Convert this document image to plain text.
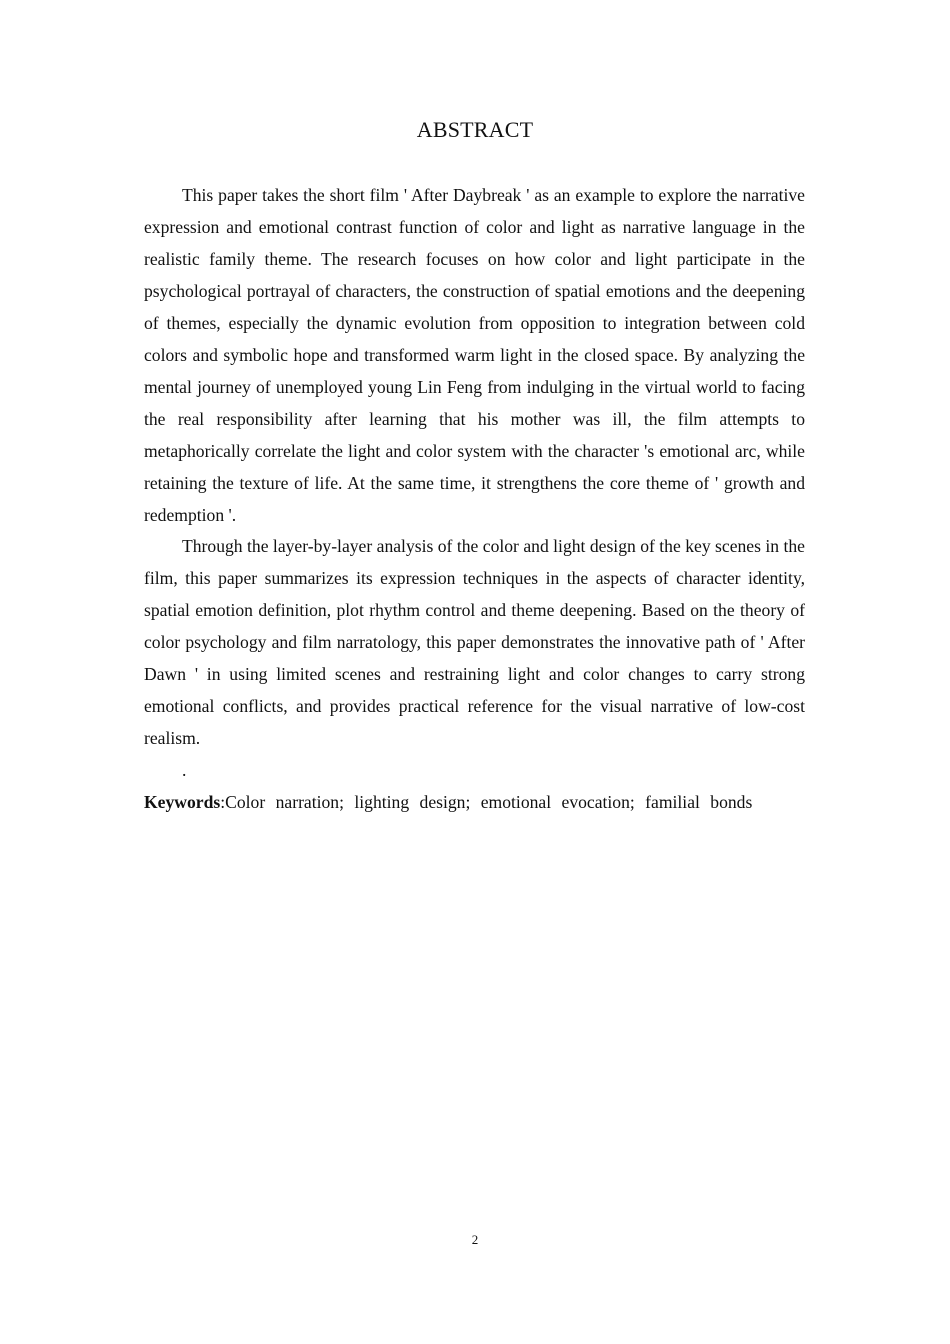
ABSTRACT

This paper takes the short film ' After Daybreak ' as an example to explore the narrative expression and emotional contrast function of color and light as narrative language in the realistic family theme. The research focuses on how color and light participate in the psychological portrayal of characters, the construction of spatial emotions and the deepening of themes, especially the dynamic evolution from opposition to integration between cold colors and symbolic hope and transformed warm light in the closed space. By analyzing the mental journey of unemployed young Lin Feng from indulging in the virtual world to facing the real responsibility after learning that his mother was ill, the film attempts to metaphorically correlate the light and color system with the character 's emotional arc, while retaining the texture of life. At the same time, it strengthens the core theme of ' growth and redemption '.

Through the layer-by-layer analysis of the color and light design of the key scenes in the film, this paper summarizes its expression techniques in the aspects of character identity, spatial emotion definition, plot rhythm control and theme deepening. Based on the theory of color psychology and film narratology, this paper demonstrates the innovative path of ' After Dawn ' in using limited scenes and restraining light and color changes to carry strong emotional conflicts, and provides practical reference for the visual narrative of low-cost realism.

.

Keywords:Color narration; lighting design; emotional evocation; familial bonds

2
